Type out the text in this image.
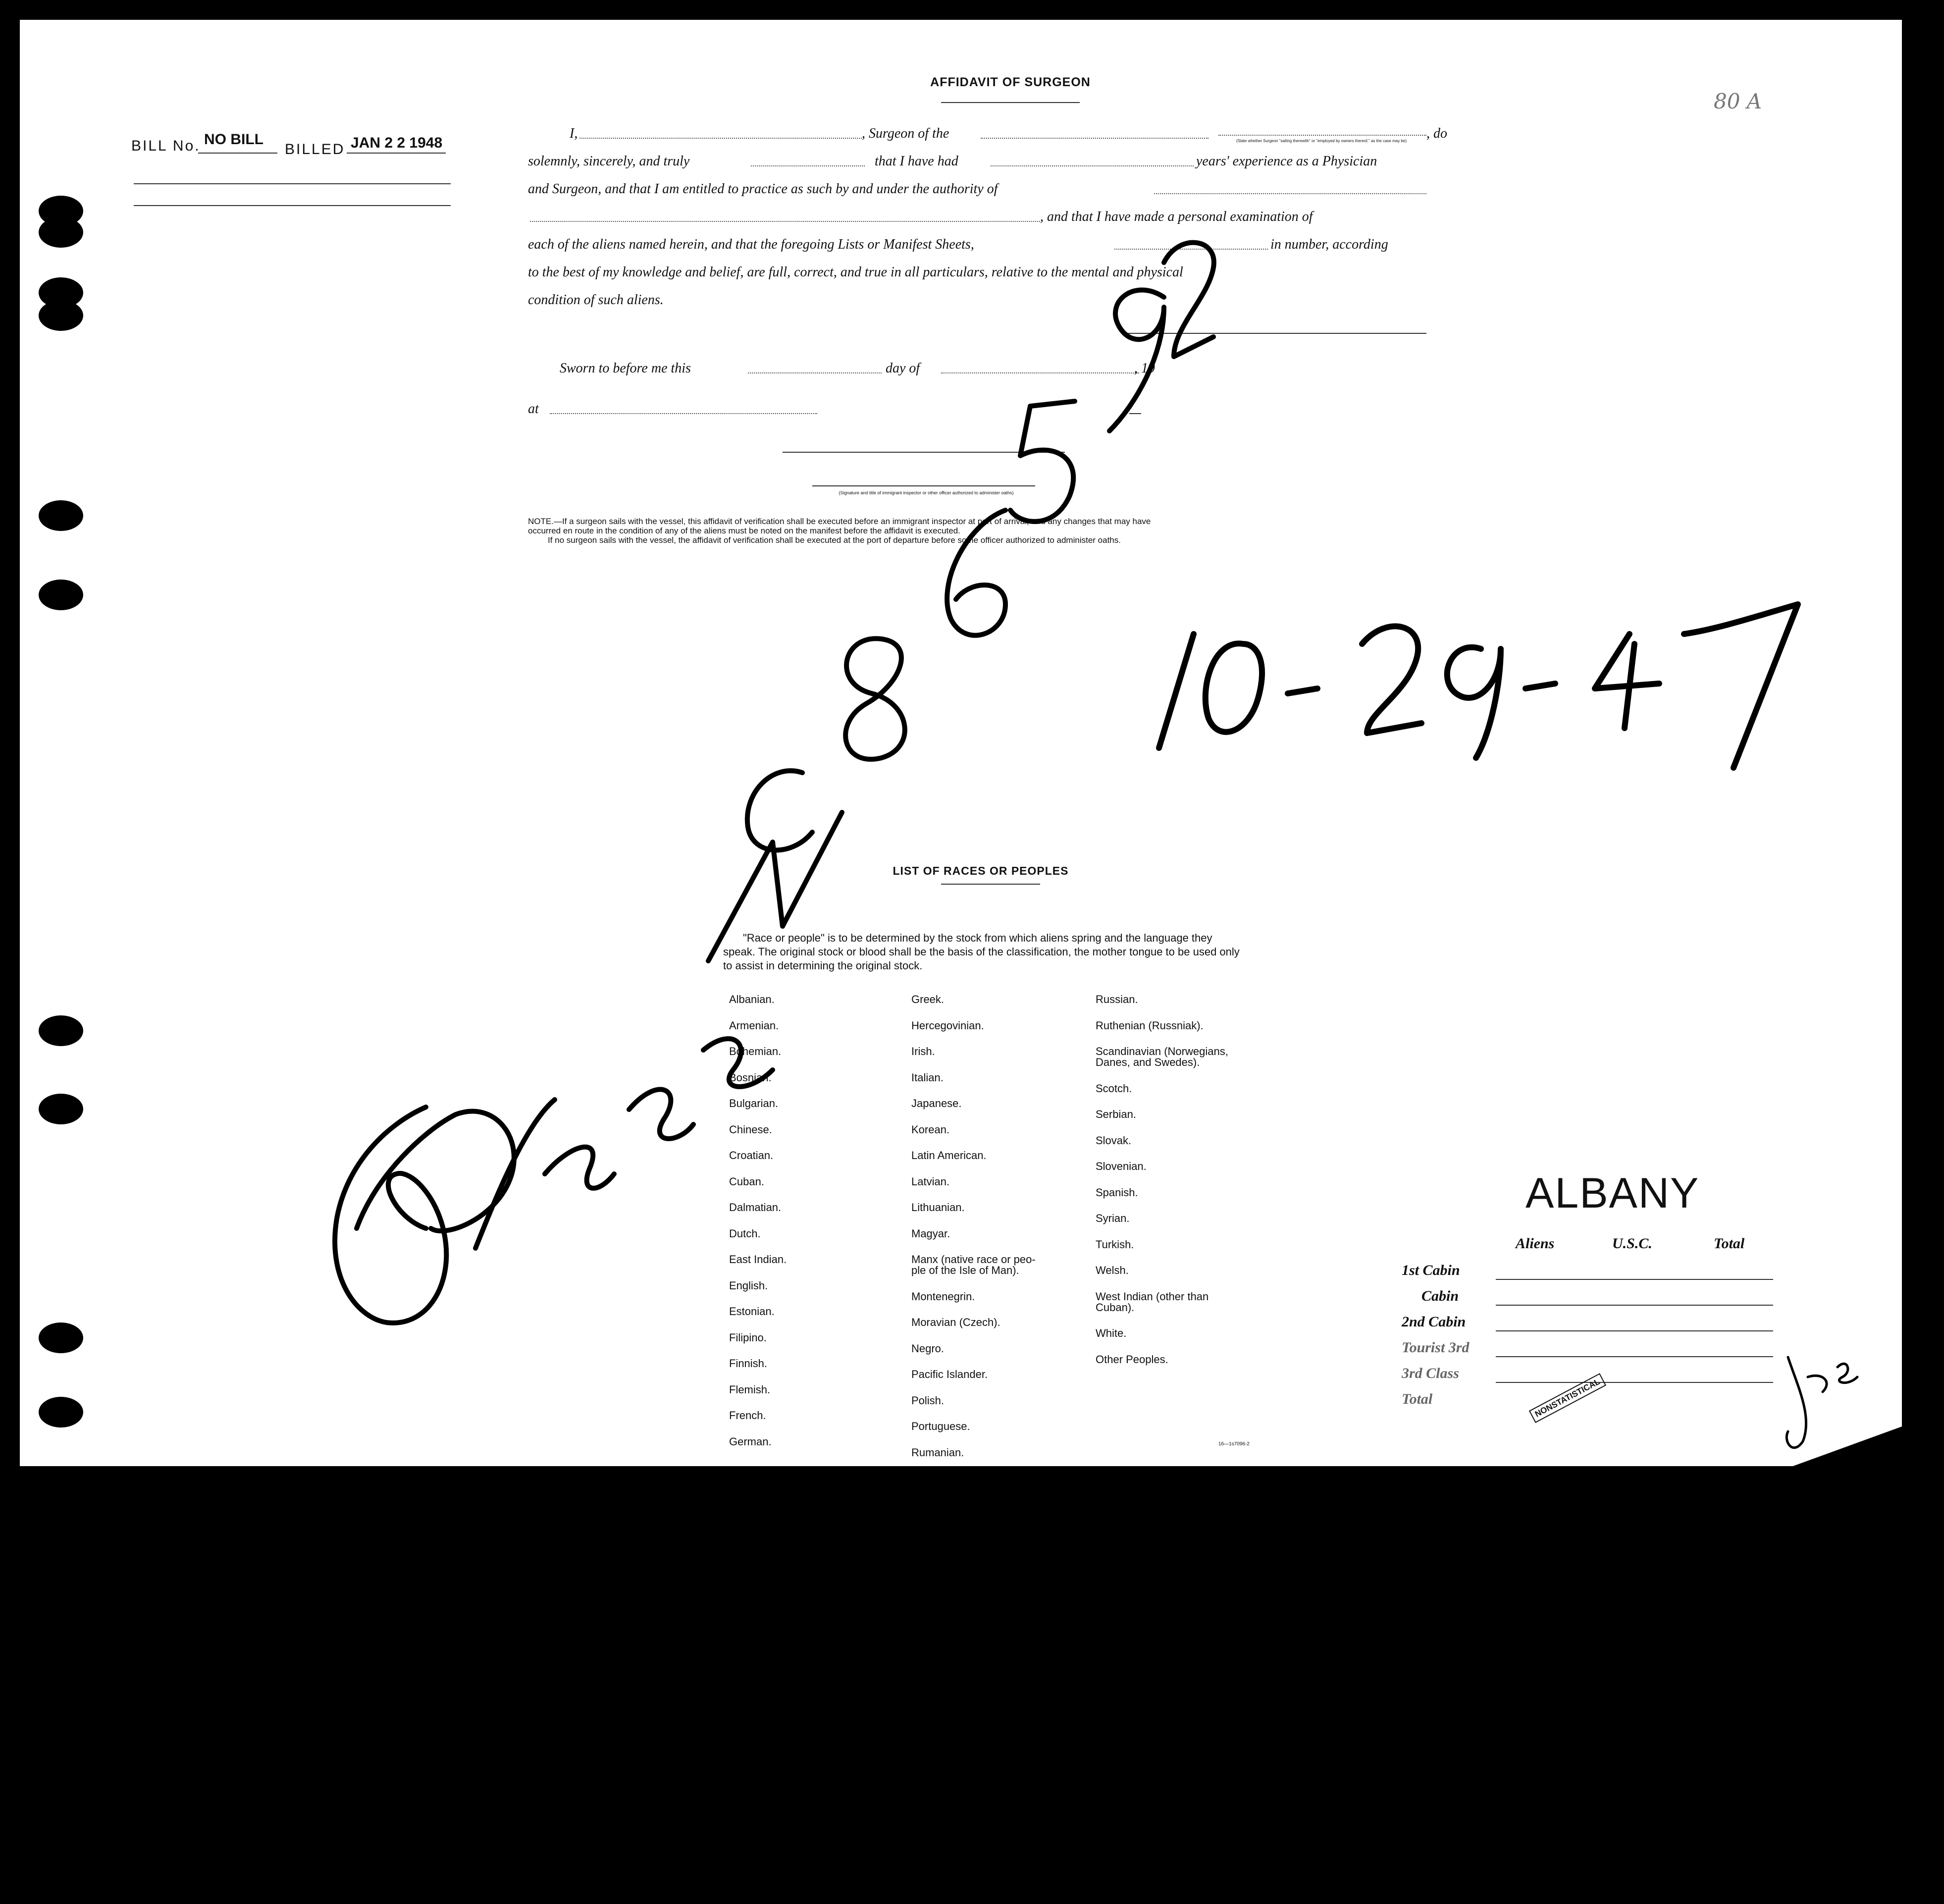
BILL No. NO BILL
BILLED JAN 2 2 1948
80 A
AFFIDAVIT OF SURGEON
I,	, Surgeon of the	(State whether Surgeon "sailing therewith" or "employed by owners thereof," as the case may be)	, do
solemnly, sincerely, and truly	that I have had	years' experience as a Physician
and Surgeon, and that I am entitled to practice as such by and under the authority of
, and that I have made a personal examination of
each of the aliens named herein, and that the foregoing Lists or Manifest Sheets,	in number, according
to the best of my knowledge and belief, are full, correct, and true in all particulars, relative to the mental and physical
condition of such aliens.
Sworn to before me this	day of	, 19
at
(Signature and title of immigrant inspector or other officer authorized to administer oaths)
NOTE.—If a surgeon sails with the vessel, this affidavit of verification shall be executed before an immigrant inspector at port of arrival, and any changes that may have
occurred en route in the condition of any of the aliens must be noted on the manifest before the affidavit is executed.
If no surgeon sails with the vessel, the affidavit of verification shall be executed at the port of departure before some officer authorized to administer oaths.
LIST OF RACES OR PEOPLES
"Race or people" is to be determined by the stock from which aliens spring and the language they speak. The original stock or blood shall be the basis of the classification, the mother tongue to be used only to assist in determining the original stock.
Albanian.
Armenian.
Bohemian.
Bosnian.
Bulgarian.
Chinese.
Croatian.
Cuban.
Dalmatian.
Dutch.
East Indian.
English.
Estonian.
Filipino.
Finnish.
Flemish.
French.
German.
Greek.
Hercegovinian.
Irish.
Italian.
Japanese.
Korean.
Latin American.
Latvian.
Lithuanian.
Magyar.
Manx (native race or peo-
ple of the Isle of Man).
Montenegrin.
Moravian (Czech).
Negro.
Pacific Islander.
Polish.
Portuguese.
Rumanian.
Russian.
Ruthenian (Russniak).
Scandinavian (Norwegians,
Danes, and Swedes).
Scotch.
Serbian.
Slovak.
Slovenian.
Spanish.
Syrian.
Turkish.
Welsh.
West Indian (other than
Cuban).
White.
Other Peoples.
16—1s7096-2
ALBANY
Aliens	U.S.C.	Total
1st Cabin
Cabin
2nd Cabin
Tourist 3rd
3rd Class
Total	NONSTATISTICAL
